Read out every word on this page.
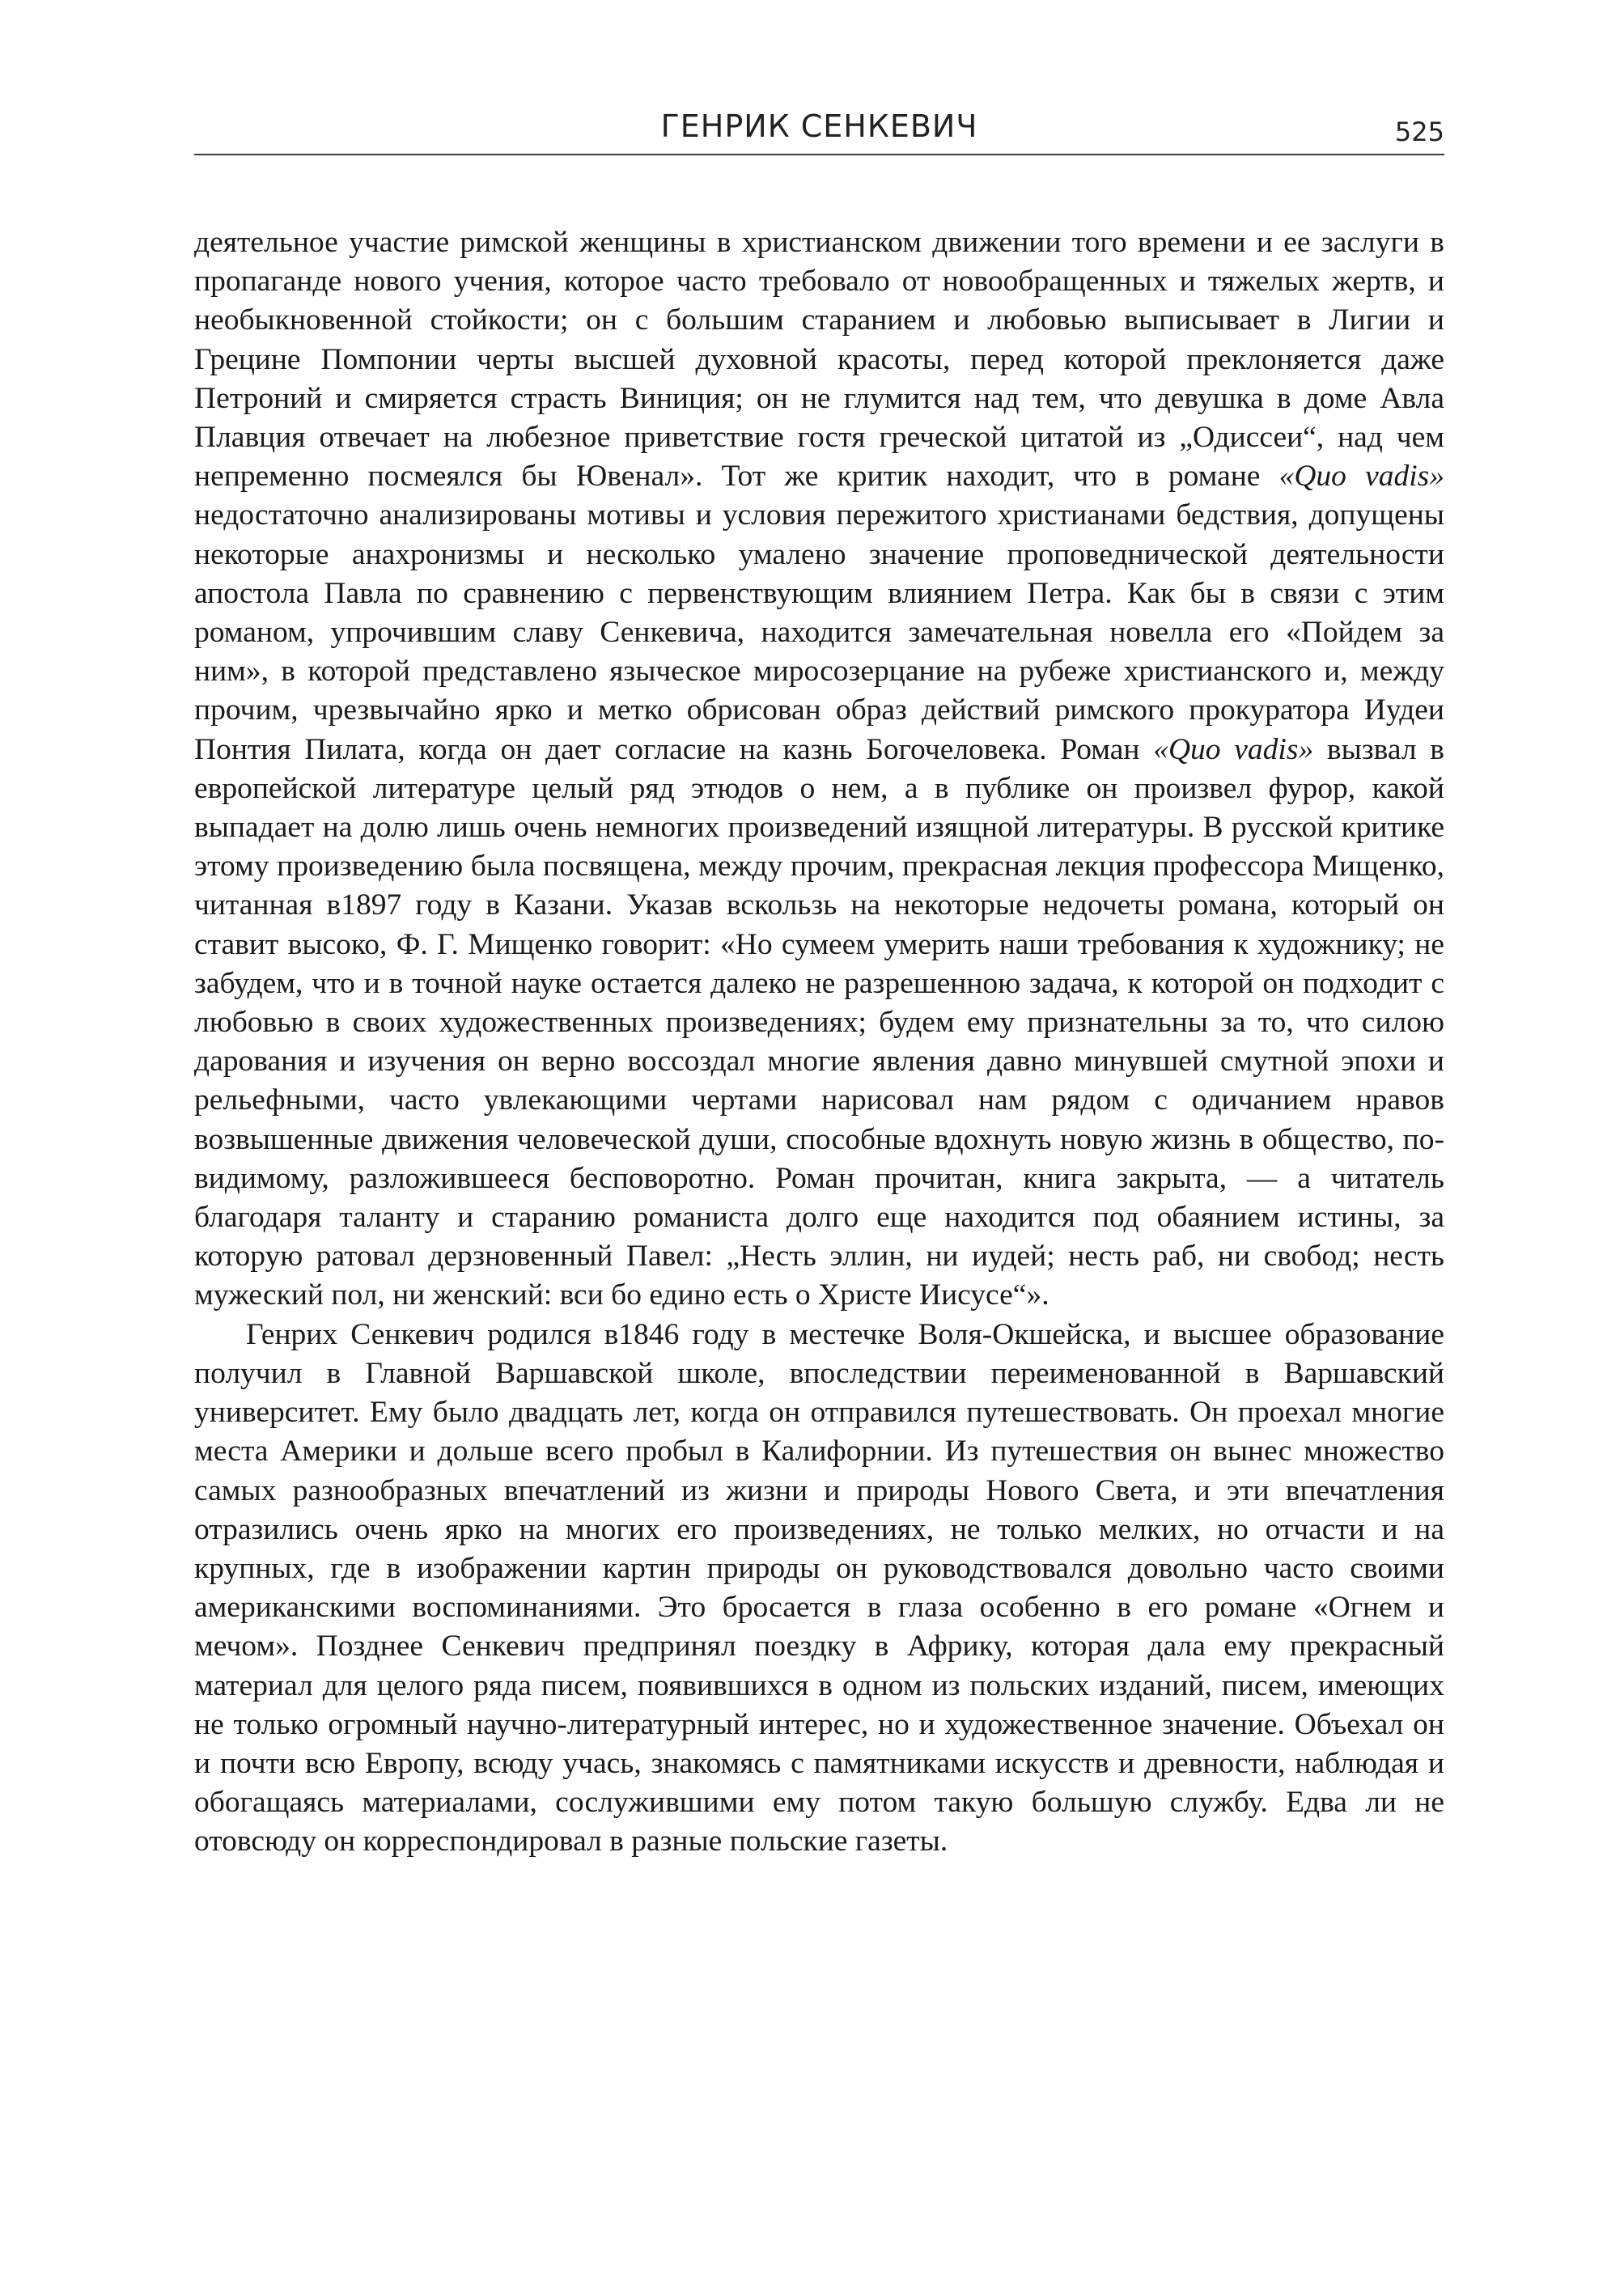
ГЕНРИК СЕНКЕВИЧ	525

деятельное участие римской женщины в христианском движении того времени и ее заслуги в пропаганде нового учения, которое часто требовало от новообращенных и тяжелых жертв, и необыкновенной стойкости; он с большим старанием и любовью выписывает в Лигии и Грецине Помпонии черты высшей духовной красоты, перед которой преклоняется даже Петроний и смиряется страсть Виниция; он не глумится над тем, что девушка в доме Авла Плавция отвечает на любезное приветствие гостя греческой цитатой из „Одиссеи“, над чем непременно посмеялся бы Ювенал». Тот же критик находит, что в романе «Quo vadis» недостаточно анализированы мотивы и условия пережитого христианами бедствия, допущены некоторые анахронизмы и несколько умалено значение проповеднической деятельности апостола Павла по сравнению с первенствующим влиянием Петра. Как бы в связи с этим романом, упрочившим славу Сенкевича, находится замечательная новелла его «Пойдем за ним», в которой представлено языческое миросозерцание на рубеже христианского и, между прочим, чрезвычайно ярко и метко обрисован образ действий римского прокуратора Иудеи Понтия Пилата, когда он дает согласие на казнь Богочеловека. Роман «Quo vadis» вызвал в европейской литературе целый ряд этюдов о нем, а в публике он произвел фурор, какой выпадает на долю лишь очень немногих произведений изящной литературы. В русской критике этому произведению была посвящена, между прочим, прекрасная лекция профессора Мищенко, читанная в1897 году в Казани. Указав вскользь на некоторые недочеты романа, который он ставит высоко, Ф. Г. Мищенко говорит: «Но сумеем умерить наши требования к художнику; не забудем, что и в точной науке остается далеко не разрешенною задача, к которой он подходит с любовью в своих художественных произведениях; будем ему признательны за то, что силою дарования и изучения он верно воссоздал многие явления давно минувшей смутной эпохи и рельефными, часто увлекающими чертами нарисовал нам рядом с одичанием нравов возвышенные движения человеческой души, способные вдохнуть новую жизнь в общество, по-видимому, разложившееся бесповоротно. Роман прочитан, книга закрыта, — а читатель благодаря таланту и старанию романиста долго еще находится под обаянием истины, за которую ратовал дерзновенный Павел: „Несть эллин, ни иудей; несть раб, ни свобод; несть мужеский пол, ни женский: вси бо едино есть о Христе Иисусе“».

Генрих Сенкевич родился в1846 году в местечке Воля-Окшейска, и высшее образование получил в Главной Варшавской школе, впоследствии переименованной в Варшавский университет. Ему было двадцать лет, когда он отправился путешествовать. Он проехал многие места Америки и дольше всего пробыл в Калифорнии. Из путешествия он вынес множество самых разнообразных впечатлений из жизни и природы Нового Света, и эти впечатления отразились очень ярко на многих его произведениях, не только мелких, но отчасти и на крупных, где в изображении картин природы он руководствовался довольно часто своими американскими воспоминаниями. Это бросается в глаза особенно в его романе «Огнем и мечом». Позднее Сенкевич предпринял поездку в Африку, которая дала ему прекрасный материал для целого ряда писем, появившихся в одном из польских изданий, писем, имеющих не только огромный научно-литературный интерес, но и художественное значение. Объехал он и почти всю Европу, всюду учась, знакомясь с памятниками искусств и древности, наблюдая и обогащаясь материалами, сослужившими ему потом такую большую службу. Едва ли не отовсюду он корреспондировал в разные польские газеты.
